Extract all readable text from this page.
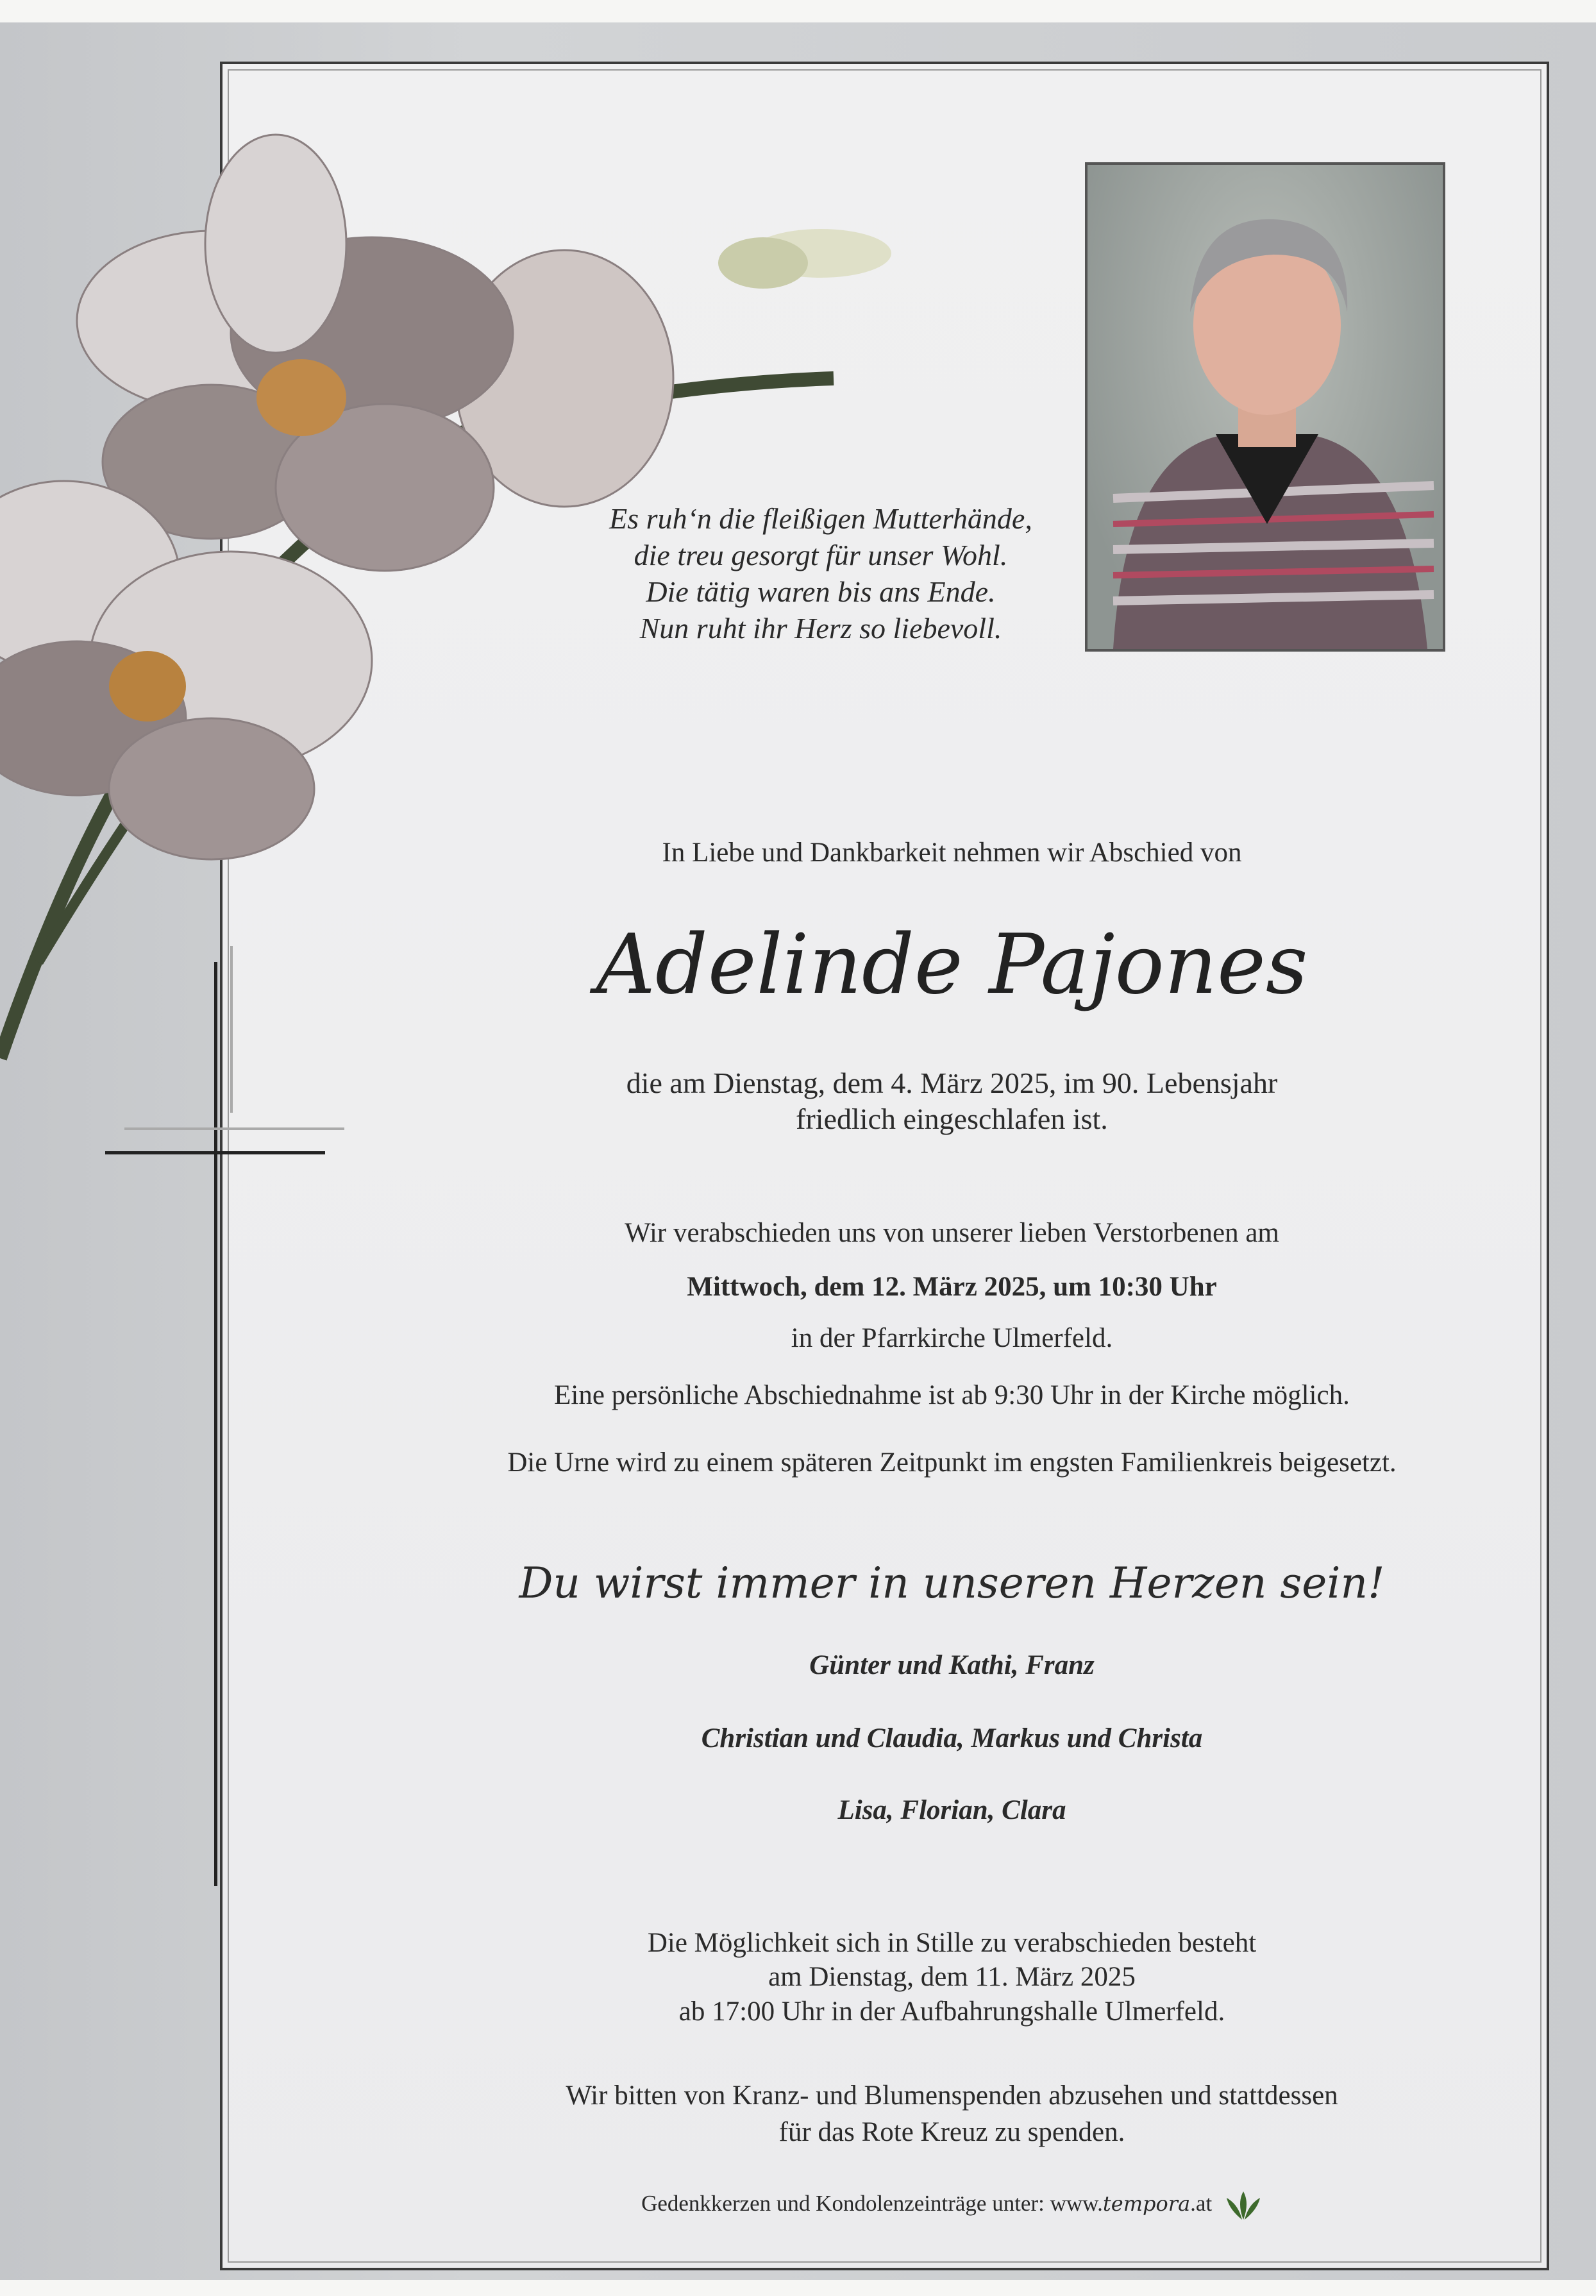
Es ruh‘n die fleißigen Mutterhände,
die treu gesorgt für unser Wohl.
Die tätig waren bis ans Ende.
Nun ruht ihr Herz so liebevoll.
In Liebe und Dankbarkeit nehmen wir Abschied von
Adelinde Pajones
die am Dienstag, dem 4. März 2025, im 90. Lebensjahr
friedlich eingeschlafen ist.
Wir verabschieden uns von unserer lieben Verstorbenen am
Mittwoch, dem 12. März 2025, um 10:30 Uhr
in der Pfarrkirche Ulmerfeld.
Eine persönliche Abschiednahme ist ab 9:30 Uhr in der Kirche möglich.
Die Urne wird zu einem späteren Zeitpunkt im engsten Familienkreis beigesetzt.
Du wirst immer in unseren Herzen sein!
Günter und Kathi, Franz
Christian und Claudia, Markus und Christa
Lisa, Florian, Clara
Die Möglichkeit sich in Stille zu verabschieden besteht
am Dienstag, dem 11. März 2025
ab 17:00 Uhr in der Aufbahrungshalle Ulmerfeld.
Wir bitten von Kranz- und Blumenspenden abzusehen und stattdessen
für das Rote Kreuz zu spenden.
Gedenkkerzen und Kondolenzeinträge unter: www.tempora.at
